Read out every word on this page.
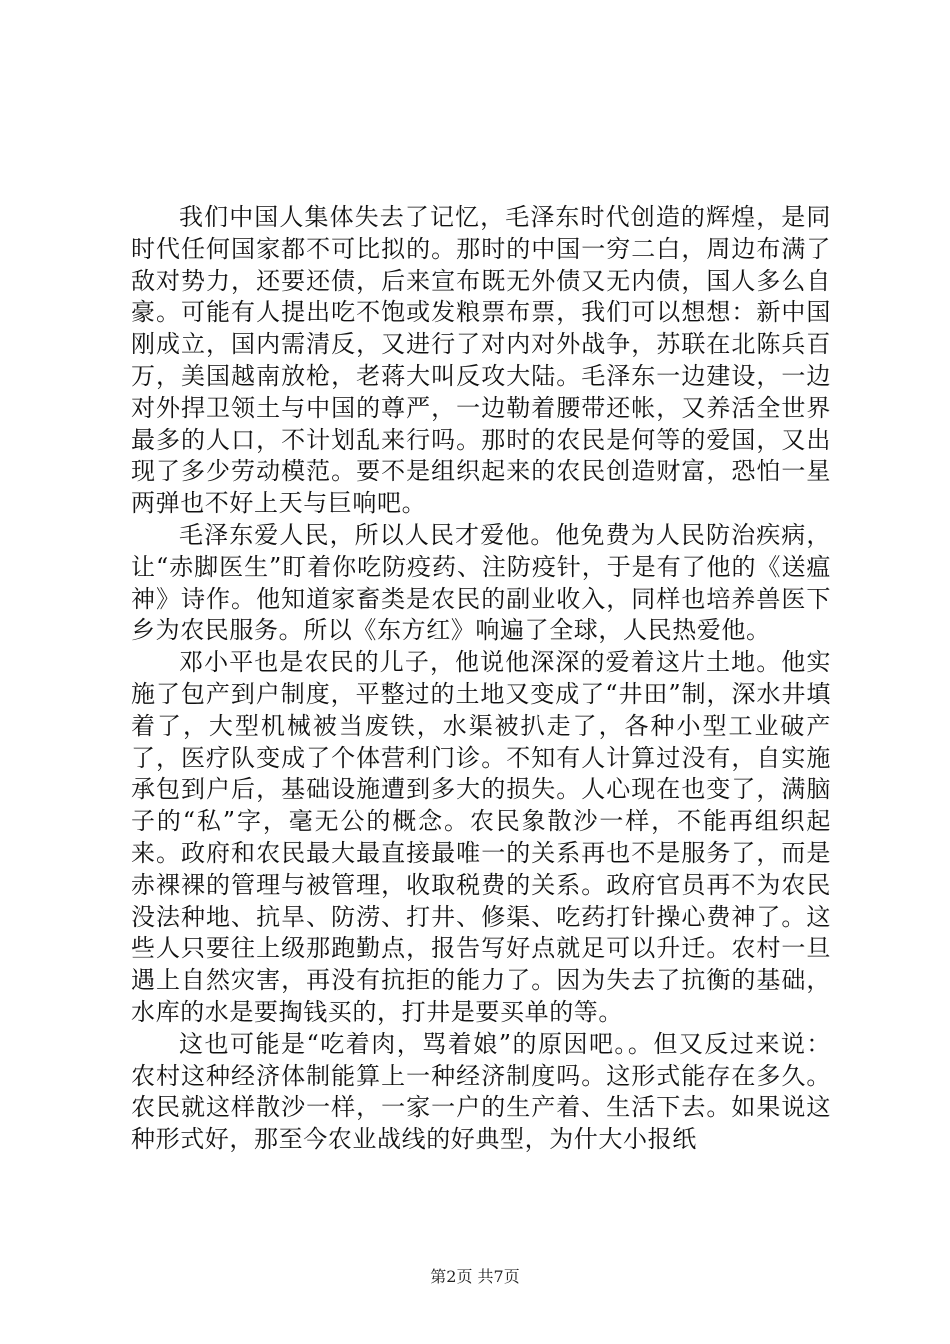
我们中国人集体失去了记忆，毛泽东时代创造的辉煌，是同时代任何国家都不可比拟的。那时的中国一穷二白，周边布满了敌对势力，还要还债，后来宣布既无外债又无内债，国人多么自豪。可能有人提出吃不饱或发粮票布票，我们可以想想：新中国刚成立，国内需清反，又进行了对内对外战争，苏联在北陈兵百万，美国越南放枪，老蒋大叫反攻大陆。毛泽东一边建设，一边对外捍卫领土与中国的尊严，一边勒着腰带还帐，又养活全世界最多的人口，不计划乱来行吗。那时的农民是何等的爱国，又出现了多少劳动模范。要不是组织起来的农民创造财富，恐怕一星两弹也不好上天与巨响吧。

毛泽东爱人民，所以人民才爱他。他免费为人民防治疾病，让“赤脚医生”盯着你吃防疫药、注防疫针，于是有了他的《送瘟神》诗作。他知道家畜类是农民的副业收入，同样也培养兽医下乡为农民服务。所以《东方红》响遍了全球，人民热爱他。

邓小平也是农民的儿子，他说他深深的爱着这片土地。他实施了包产到户制度，平整过的土地又变成了“井田”制，深水井填着了，大型机械被当废铁，水渠被扒走了，各种小型工业破产了，医疗队变成了个体营利门诊。不知有人计算过没有，自实施承包到户后，基础设施遭到多大的损失。人心现在也变了，满脑子的“私”字，毫无公的概念。农民象散沙一样，不能再组织起来。政府和农民最大最直接最唯一的关系再也不是服务了，而是赤裸裸的管理与被管理，收取税费的关系。政府官员再不为农民没法种地、抗旱、防涝、打井、修渠、吃药打针操心费神了。这些人只要往上级那跑勤点，报告写好点就足可以升迁。农村一旦遇上自然灾害，再没有抗拒的能力了。因为失去了抗衡的基础，水库的水是要掏钱买的，打井是要买单的等。

这也可能是“吃着肉，骂着娘”的原因吧。。但又反过来说：农村这种经济体制能算上一种经济制度吗。这形式能存在多久。农民就这样散沙一样，一家一户的生产着、生活下去。如果说这种形式好，那至今农业战线的好典型，为什大小报纸

第2页 共7页
